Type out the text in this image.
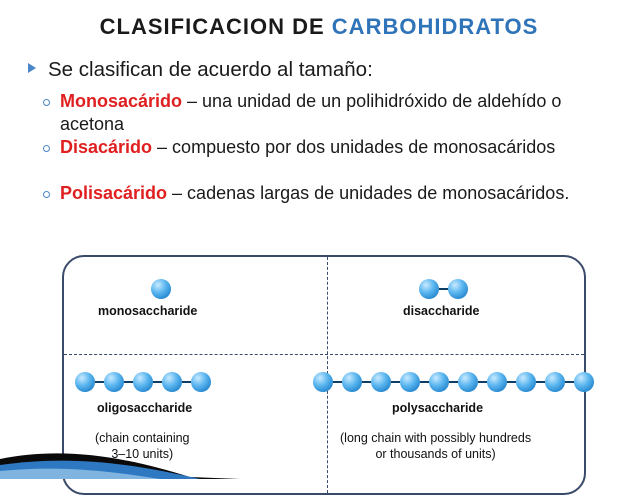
CLASIFICACION DE CARBOHIDRATOS
Se clasifican de acuerdo al tamaño:
Monosacárido – una unidad de un polihidróxido de aldehído o acetona
Disacárido – compuesto por dos unidades de monosacáridos
Polisacárido – cadenas largas de unidades de monosacáridos.
monosaccharide	disaccharide
oligosaccharide
(chain containing
3–10 units)
polysaccharide
(long chain with possibly hundreds
or thousands of units)
